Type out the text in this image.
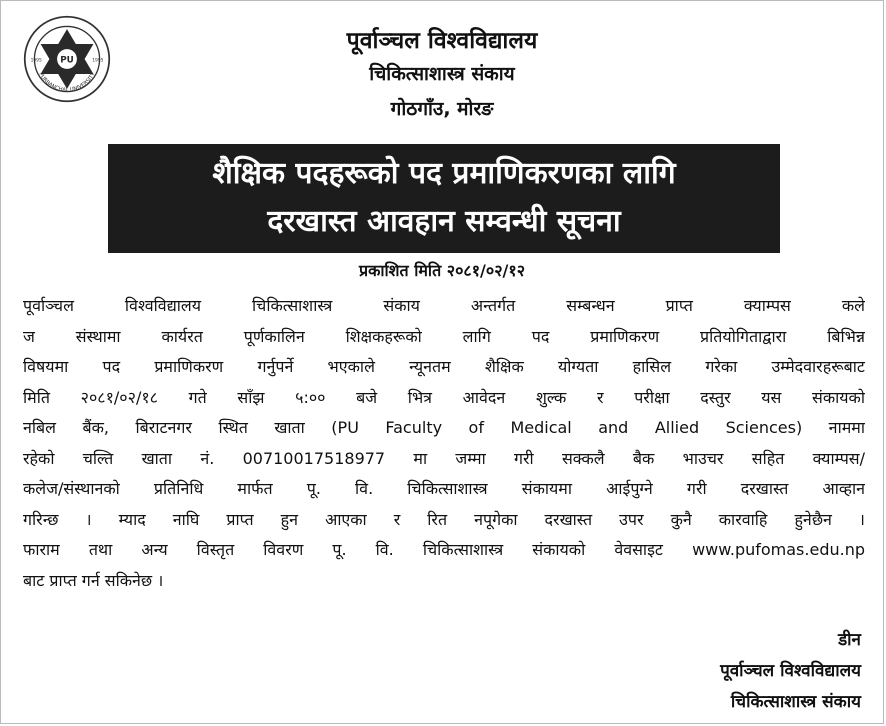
PU
1995	1995
PURBANCHAL UNIVERSITY
पूर्वाञ्चल विश्वविद्यालय
चिकित्साशास्त्र संकाय
गोठगाँउ, मोरङ
शैक्षिक पदहरूको पद प्रमाणिकरणका लागि
दरखास्त आवहान सम्वन्धी सूचना
प्रकाशित मिति २०८१/०२/१२
पूर्वाञ्चल विश्वविद्यालय चिकित्साशास्त्र संकाय अन्तर्गत सम्बन्धन प्राप्त क्याम्पस कले
ज संस्थामा कार्यरत पूर्णकालिन शिक्षकहरूको लागि पद प्रमाणिकरण प्रतियोगिताद्वारा बिभिन्न
विषयमा पद प्रमाणिकरण गर्नुपर्ने भएकाले न्यूनतम शैक्षिक योग्यता हासिल गरेका उम्मेदवारहरूबाट
मिति २०८१/०२/१८ गते साँझ ५:०० बजे भित्र आवेदन शुल्क र परीक्षा दस्तुर यस संकायको
नबिल बैंक, बिराटनगर स्थित खाता (PU Faculty of Medical and Allied Sciences) नाममा
रहेको चल्ति खाता नं. 00710017518977 मा जम्मा गरी सक्कलै बैक भाउचर सहित क्याम्पस/
कलेज/संस्थानको प्रतिनिधि मार्फत पू. वि. चिकित्साशास्त्र संकायमा आईपुग्ने गरी दरखास्त आव्हान
गरिन्छ । म्याद नाघि प्राप्त हुन आएका र रित नपूगेका दरखास्त उपर कुनै कारवाहि हुनेछैन ।
फाराम तथा अन्य विस्तृत विवरण पू. वि. चिकित्साशास्त्र संकायको वेवसाइट www.pufomas.edu.np
बाट प्राप्त गर्न सकिनेछ ।
डीन
पूर्वाञ्चल विश्वविद्यालय
चिकित्साशास्त्र संकाय
